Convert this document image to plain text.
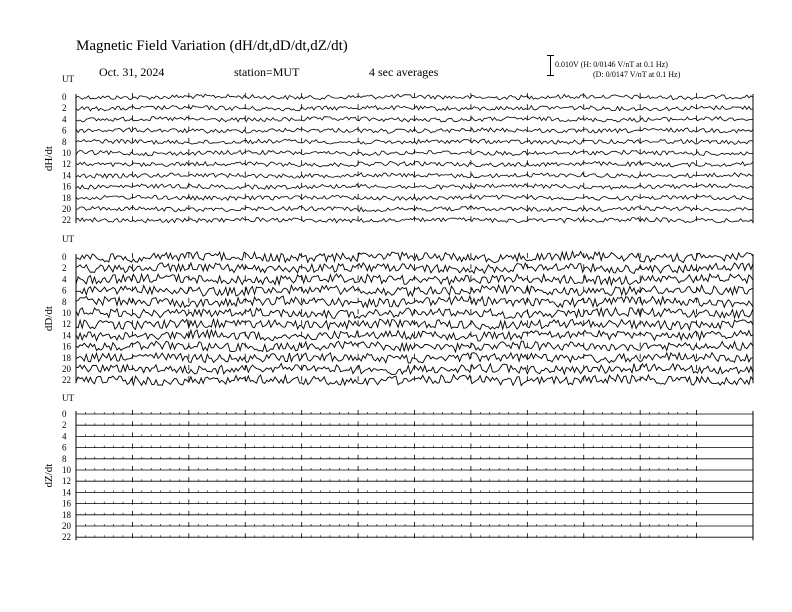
Magnetic Field Variation (dH/dt,dD/dt,dZ/dt)
Oct. 31, 2024	station=MUT	4 sec averages
0.010V (H: 0/0146 V/nT at 0.1 Hz)
(D: 0/0147 V/nT at 0.1 Hz)
UT
dH/dt
0
2
4
6
8
10
12
14
16
18
20
22
UT
dD/dt
0
2
4
6
8
10
12
14
16
18
20
22
UT
dZ/dt
0
2
4
6
8
10
12
14
16
18
20
22
